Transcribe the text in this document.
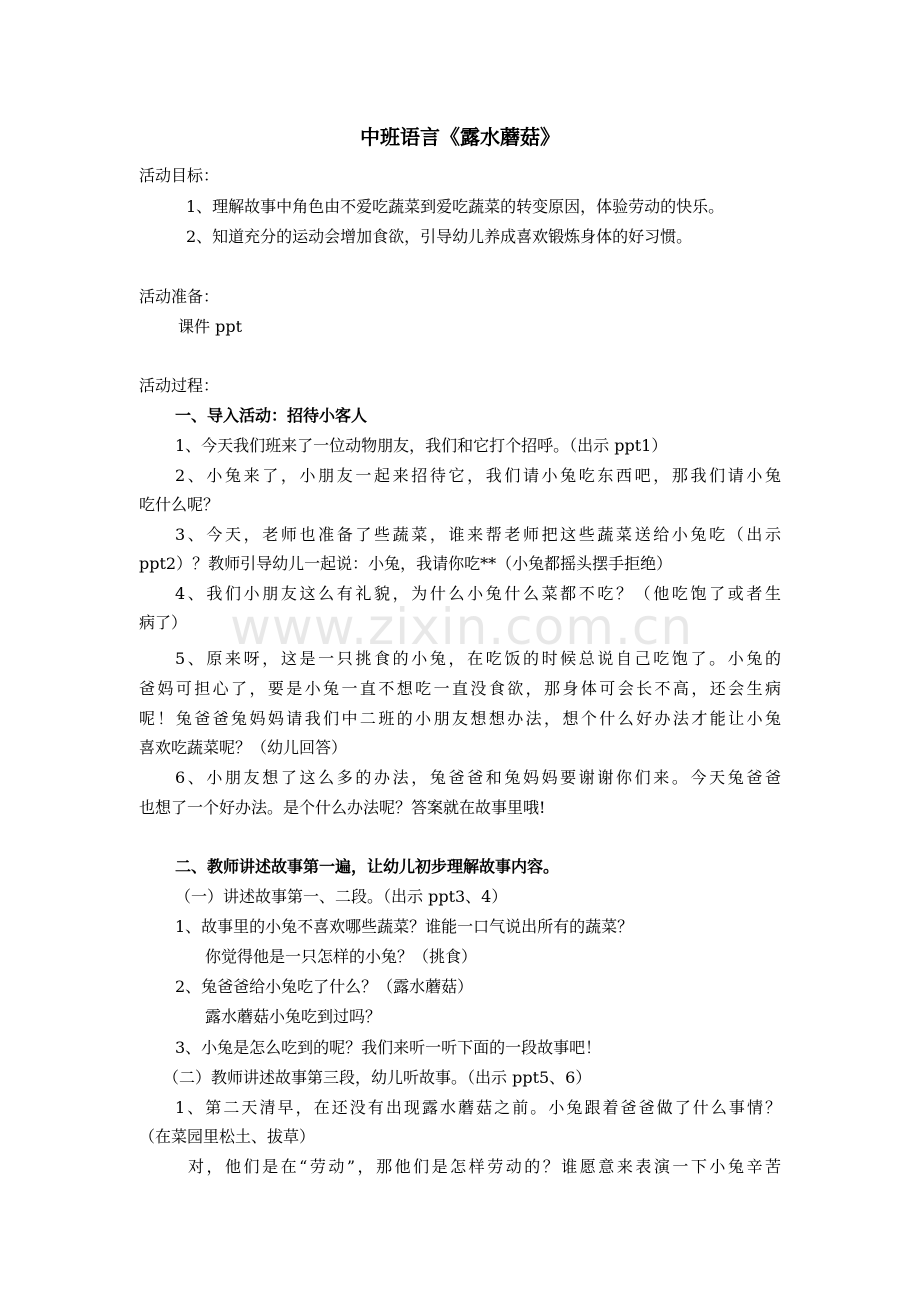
www.zixin.com.cn
中班语言《露水蘑菇》
活动目标：
1、理解故事中角色由不爱吃蔬菜到爱吃蔬菜的转变原因，体验劳动的快乐。
2、知道充分的运动会增加食欲，引导幼儿养成喜欢锻炼身体的好习惯。
活动准备：
课件 ppt
活动过程：
一、导入活动：招待小客人
1、今天我们班来了一位动物朋友，我们和它打个招呼。（出示 ppt1）
2、小兔来了，小朋友一起来招待它，我们请小兔吃东西吧，那我们请小兔
吃什么呢？
3、今天，老师也准备了些蔬菜，谁来帮老师把这些蔬菜送给小兔吃（出示
ppt2）？教师引导幼儿一起说：小兔，我请你吃**（小兔都摇头摆手拒绝）
4、我们小朋友这么有礼貌，为什么小兔什么菜都不吃？（他吃饱了或者生
病了）
5、原来呀，这是一只挑食的小兔，在吃饭的时候总说自己吃饱了。小兔的
爸妈可担心了，要是小兔一直不想吃一直没食欲，那身体可会长不高，还会生病
呢！兔爸爸兔妈妈请我们中二班的小朋友想想办法，想个什么好办法才能让小兔
喜欢吃蔬菜呢？（幼儿回答）
6、小朋友想了这么多的办法，兔爸爸和兔妈妈要谢谢你们来。今天兔爸爸
也想了一个好办法。是个什么办法呢？答案就在故事里哦!
二、教师讲述故事第一遍，让幼儿初步理解故事内容。
（一）讲述故事第一、二段。（出示 ppt3、4）
1、故事里的小兔不喜欢哪些蔬菜？谁能一口气说出所有的蔬菜？
你觉得他是一只怎样的小兔？（挑食）
2、兔爸爸给小兔吃了什么？（露水蘑菇）
露水蘑菇小兔吃到过吗？
3、小兔是怎么吃到的呢？我们来听一听下面的一段故事吧！
（二）教师讲述故事第三段，幼儿听故事。（出示 ppt5、6）
1、第二天清早，在还没有出现露水蘑菇之前。小兔跟着爸爸做了什么事情？
（在菜园里松土、拔草）
对，他们是在“劳动”，那他们是怎样劳动的？谁愿意来表演一下小兔辛苦
